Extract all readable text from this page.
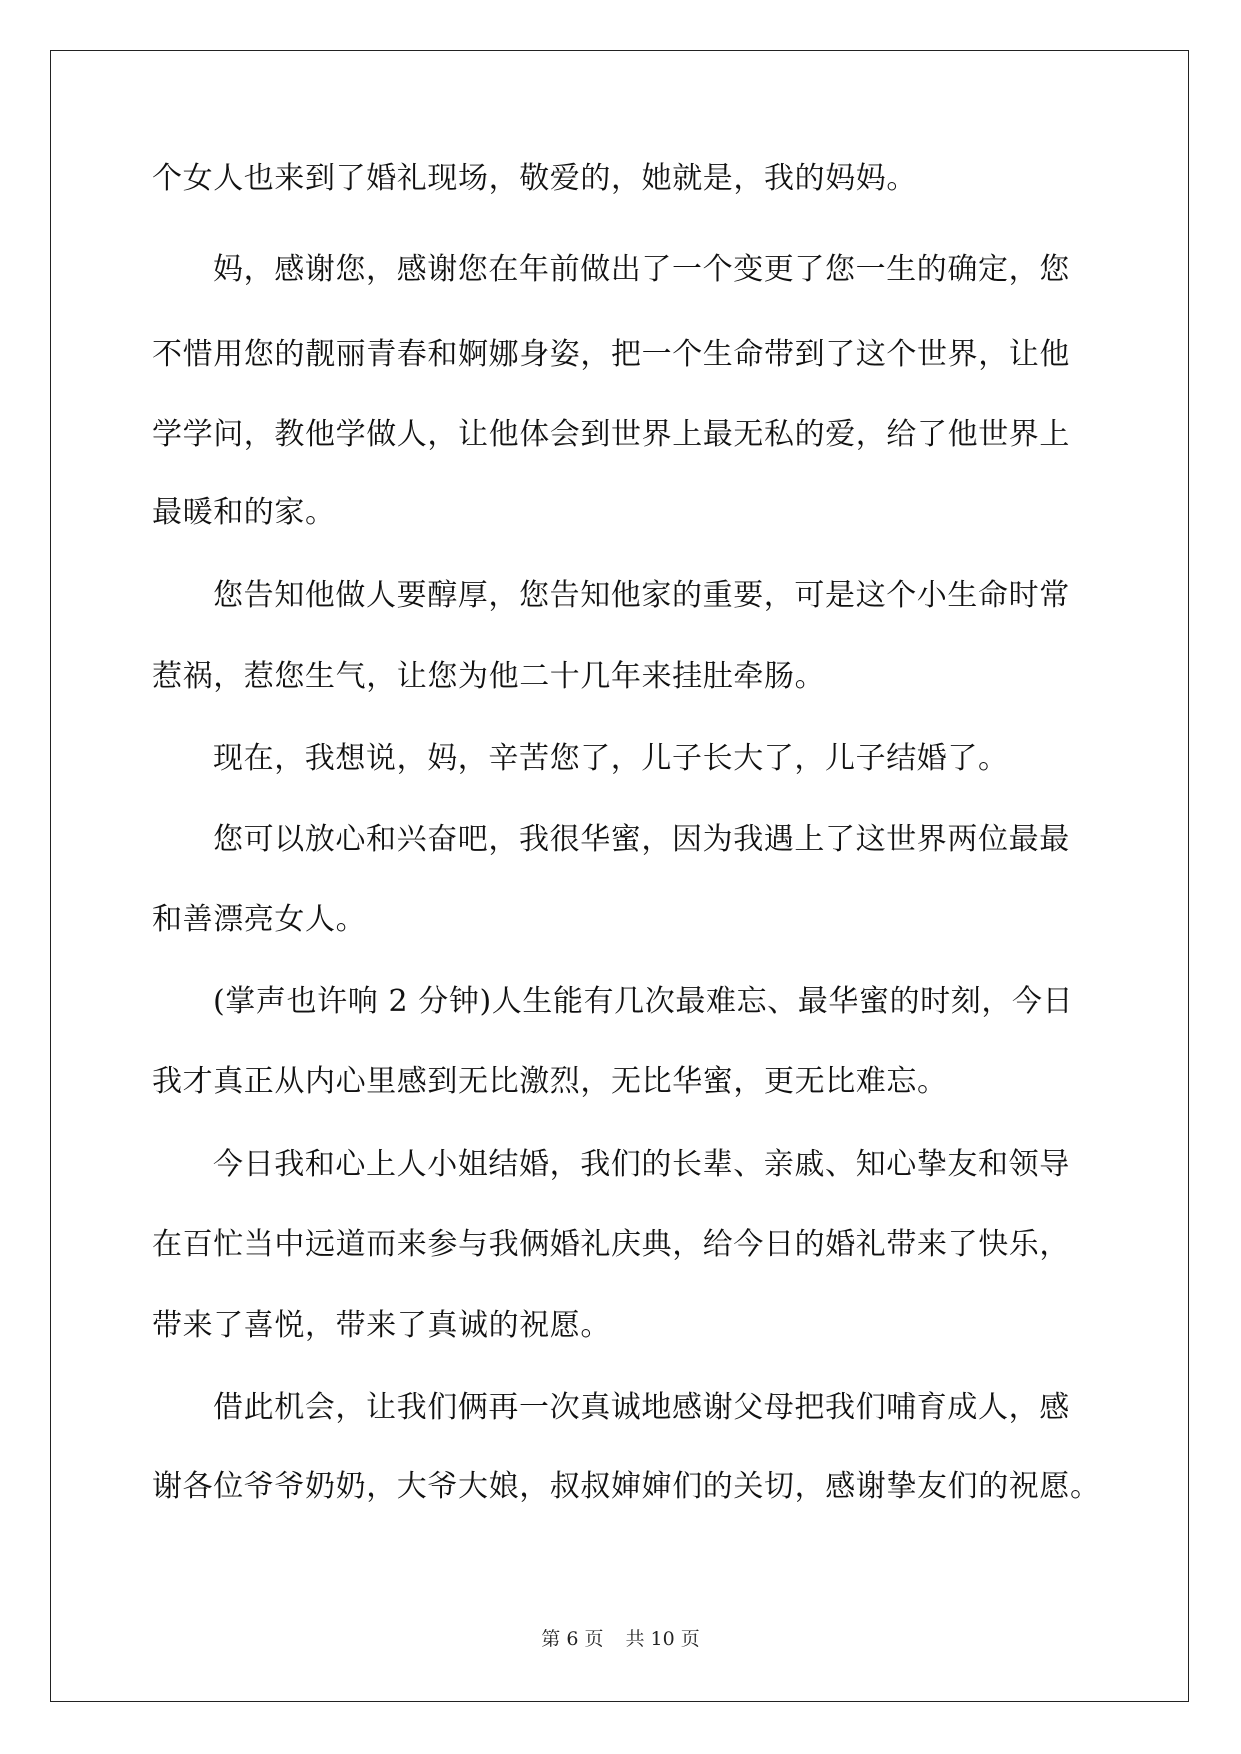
个女人也来到了婚礼现场，敬爱的，她就是，我的妈妈。
妈，感谢您，感谢您在年前做出了一个变更了您一生的确定，您
不惜用您的靓丽青春和婀娜身姿，把一个生命带到了这个世界，让他
学学问，教他学做人，让他体会到世界上最无私的爱，给了他世界上
最暖和的家。
您告知他做人要醇厚，您告知他家的重要，可是这个小生命时常
惹祸，惹您生气，让您为他二十几年来挂肚牵肠。
现在，我想说，妈，辛苦您了，儿子长大了，儿子结婚了。
您可以放心和兴奋吧，我很华蜜，因为我遇上了这世界两位最最
和善漂亮女人。
(掌声也许响 2 分钟)人生能有几次最难忘、最华蜜的时刻，今日
我才真正从内心里感到无比激烈，无比华蜜，更无比难忘。
今日我和心上人小姐结婚，我们的长辈、亲戚、知心挚友和领导
在百忙当中远道而来参与我俩婚礼庆典，给今日的婚礼带来了快乐，
带来了喜悦，带来了真诚的祝愿。
借此机会，让我们俩再一次真诚地感谢父母把我们哺育成人，感
谢各位爷爷奶奶，大爷大娘，叔叔婶婶们的关切，感谢挚友们的祝愿。
第 6 页 共 10 页
